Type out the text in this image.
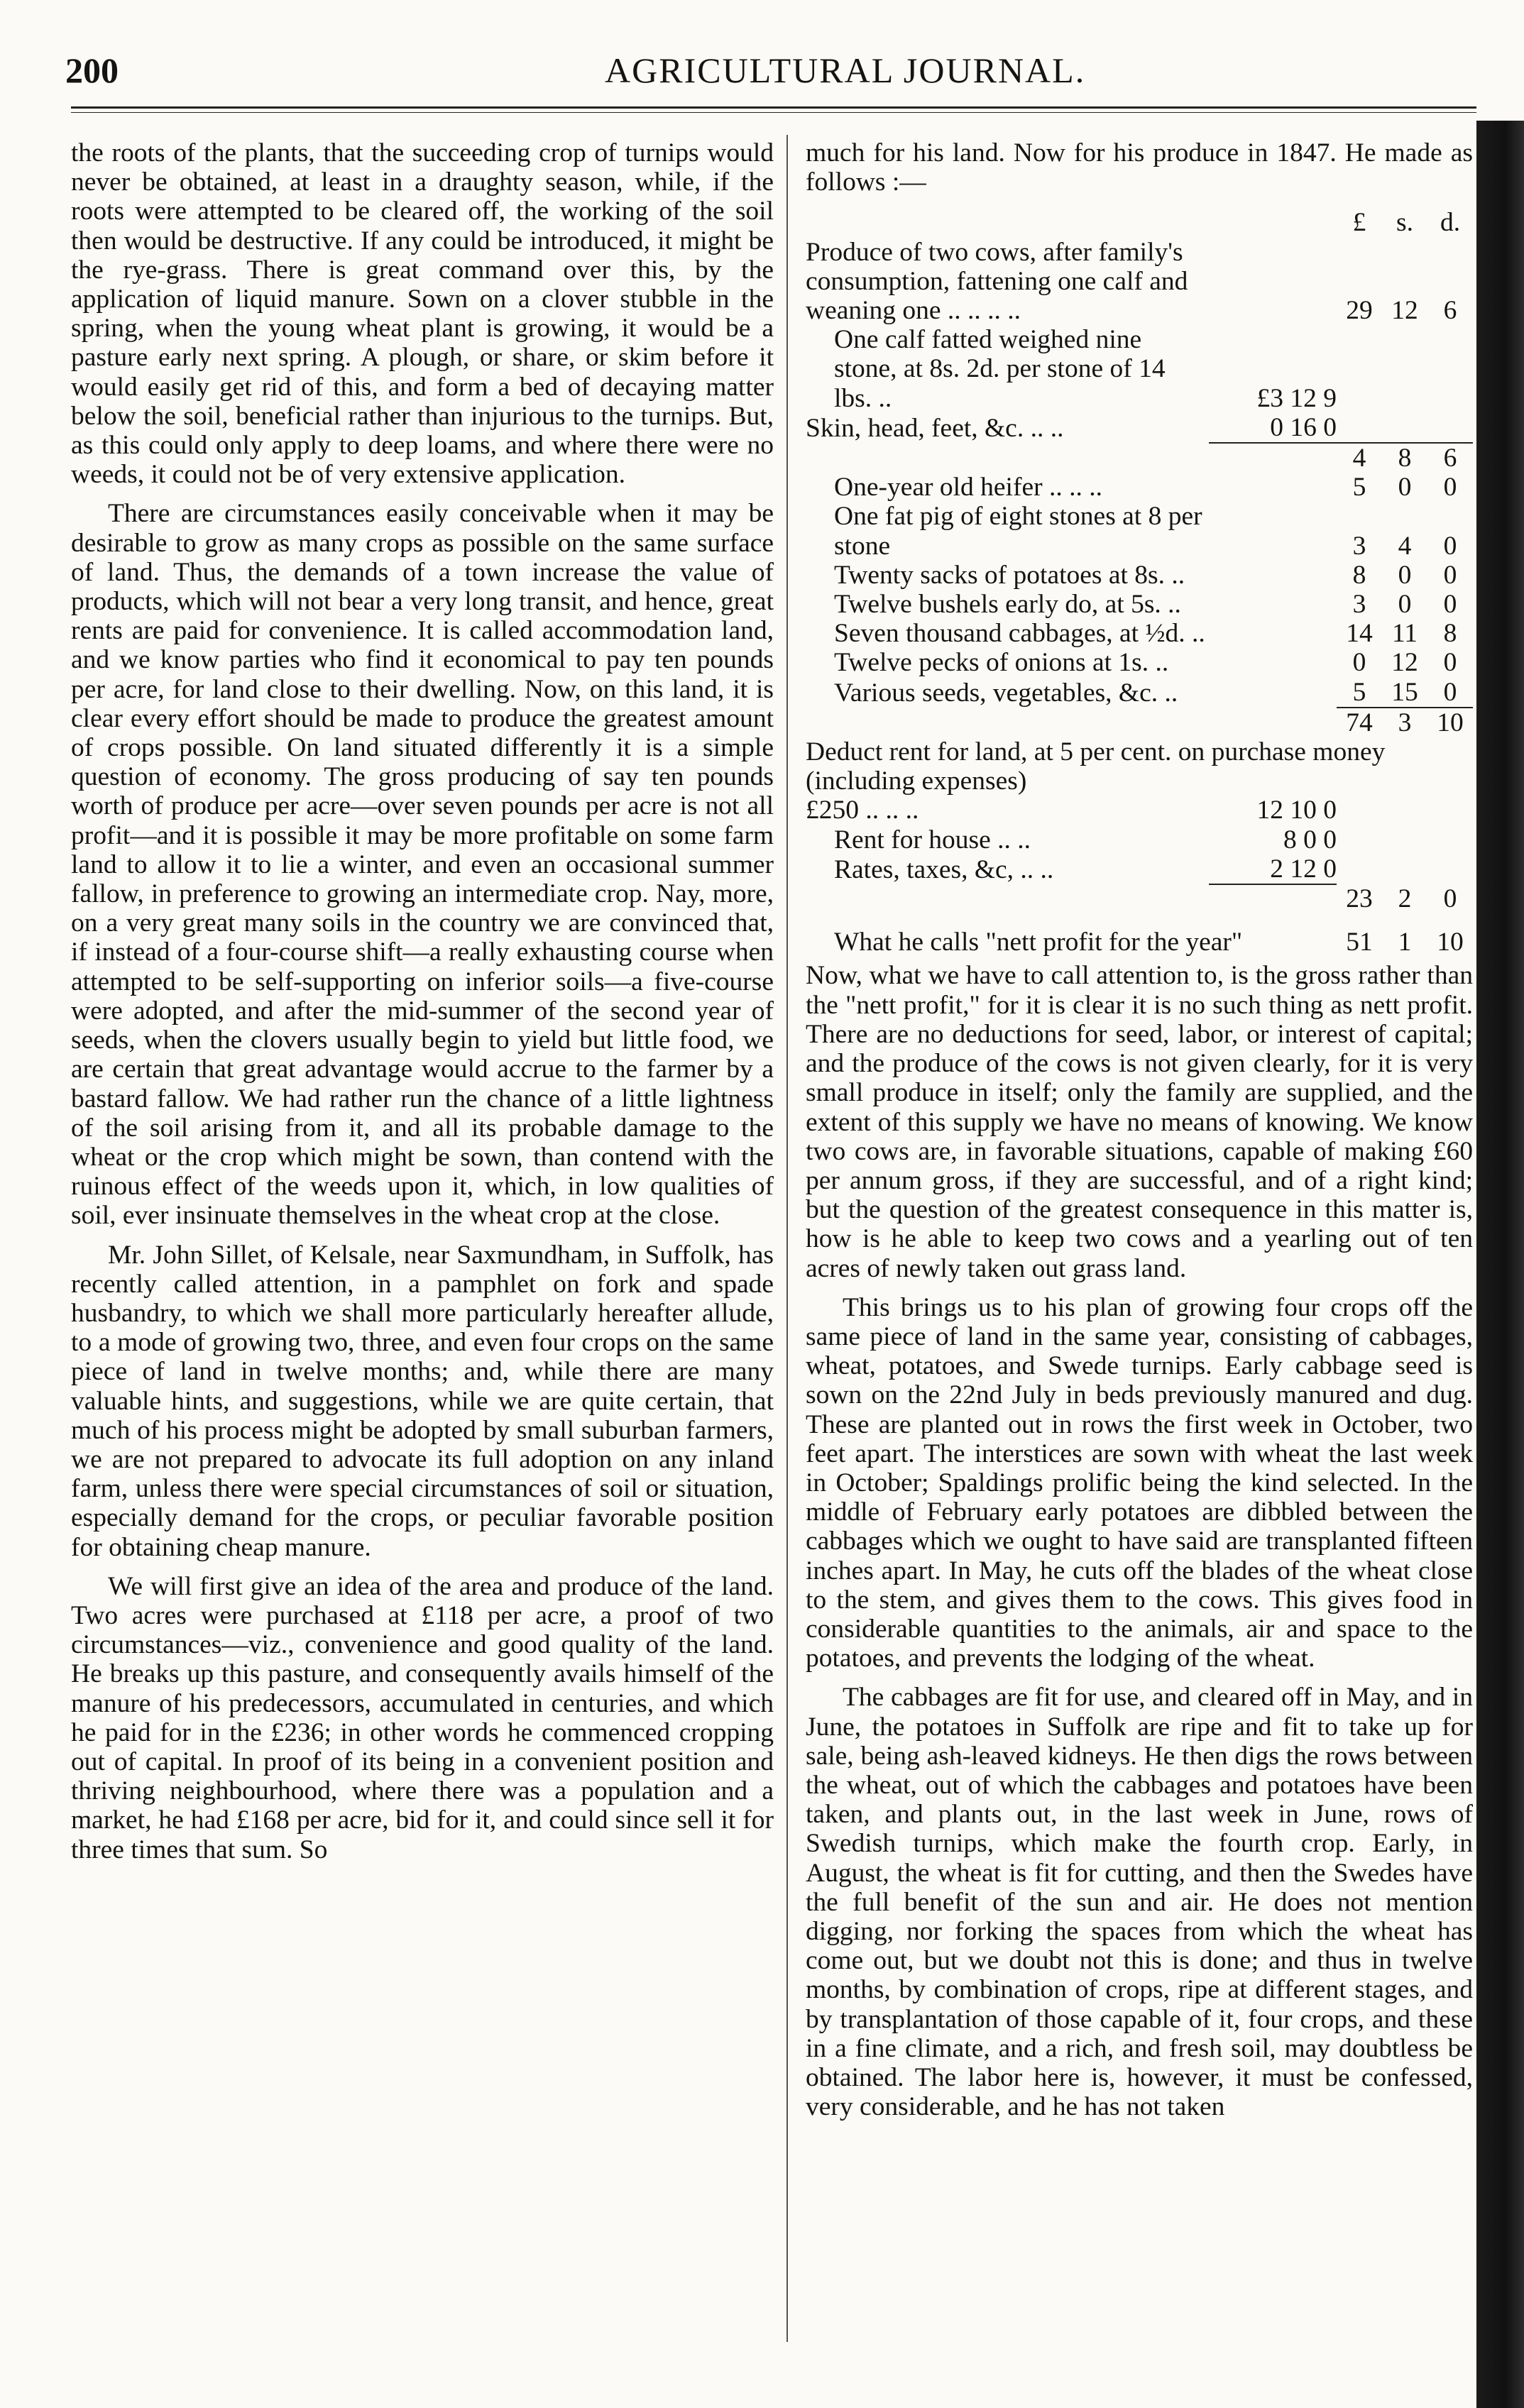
200	AGRICULTURAL JOURNAL.

the roots of the plants, that the succeeding crop of turnips would never be obtained, at least in a draughty season, while, if the roots were attempted to be cleared off, the working of the soil then would be destructive. If any could be introduced, it might be the rye-grass. There is great command over this, by the application of liquid manure. Sown on a clover stubble in the spring, when the young wheat plant is growing, it would be a pasture early next spring. A plough, or share, or skim before it would easily get rid of this, and form a bed of decaying matter below the soil, beneficial rather than injurious to the turnips. But, as this could only apply to deep loams, and where there were no weeds, it could not be of very extensive application.

There are circumstances easily conceivable when it may be desirable to grow as many crops as possible on the same surface of land. Thus, the demands of a town increase the value of products, which will not bear a very long transit, and hence, great rents are paid for convenience. It is called accommodation land, and we know parties who find it economical to pay ten pounds per acre, for land close to their dwelling. Now, on this land, it is clear every effort should be made to produce the greatest amount of crops possible. On land situated differently it is a simple question of economy. The gross producing of say ten pounds worth of produce per acre—over seven pounds per acre is not all profit—and it is possible it may be more profitable on some farm land to allow it to lie a winter, and even an occasional summer fallow, in preference to growing an intermediate crop. Nay, more, on a very great many soils in the country we are convinced that, if instead of a four-course shift—a really exhausting course when attempted to be self-supporting on inferior soils—a five-course were adopted, and after the mid-summer of the second year of seeds, when the clovers usually begin to yield but little food, we are certain that great advantage would accrue to the farmer by a bastard fallow. We had rather run the chance of a little lightness of the soil arising from it, and all its probable damage to the wheat or the crop which might be sown, than contend with the ruinous effect of the weeds upon it, which, in low qualities of soil, ever insinuate themselves in the wheat crop at the close.

Mr. John Sillet, of Kelsale, near Saxmundham, in Suffolk, has recently called attention, in a pamphlet on fork and spade husbandry, to which we shall more particularly hereafter allude, to a mode of growing two, three, and even four crops on the same piece of land in twelve months; and, while there are many valuable hints, and suggestions, while we are quite certain, that much of his process might be adopted by small suburban farmers, we are not prepared to advocate its full adoption on any inland farm, unless there were special circumstances of soil or situation, especially demand for the crops, or peculiar favorable position for obtaining cheap manure.

We will first give an idea of the area and produce of the land. Two acres were purchased at £118 per acre, a proof of two circumstances—viz., convenience and good quality of the land. He breaks up this pasture, and consequently avails himself of the manure of his predecessors, accumulated in centuries, and which he paid for in the £236; in other words he commenced cropping out of capital. In proof of its being in a convenient position and thriving neighbourhood, where there was a population and a market, he had £168 per acre, bid for it, and could since sell it for three times that sum. So

much for his land. Now for his produce in 1847. He made as follows :—

		£	s.	d.
Produce of two cows, after family's consumption, fattening one calf and weaning one .. .. .. ..		29	12	6
One calf fatted weighed nine stone, at 8s. 2d. per stone of 14 lbs. ..	£3 12 9			
Skin, head, feet, &c. .. ..	0 16 0			
		4	8	6
One-year old heifer .. .. ..		5	0	0
One fat pig of eight stones at 8 per stone		3	4	0
Twenty sacks of potatoes at 8s. ..		8	0	0
Twelve bushels early do, at 5s. ..		3	0	0
Seven thousand cabbages, at ½d. ..		14	11	8
Twelve pecks of onions at 1s. ..		0	12	0
Various seeds, vegetables, &c. ..		5	15	0
		74	3	10
Deduct rent for land, at 5 per cent. on purchase money (including expenses)				
£250 .. .. ..	12 10 0			
Rent for house .. ..	8 0 0			
Rates, taxes, &c, .. ..	2 12 0			
		23	2	0

What he calls "nett profit for the year"		51	1	10

Now, what we have to call attention to, is the gross rather than the "nett profit," for it is clear it is no such thing as nett profit. There are no deductions for seed, labor, or interest of capital; and the produce of the cows is not given clearly, for it is very small produce in itself; only the family are supplied, and the extent of this supply we have no means of knowing. We know two cows are, in favorable situations, capable of making £60 per annum gross, if they are successful, and of a right kind; but the question of the greatest consequence in this matter is, how is he able to keep two cows and a yearling out of ten acres of newly taken out grass land.

This brings us to his plan of growing four crops off the same piece of land in the same year, consisting of cabbages, wheat, potatoes, and Swede turnips. Early cabbage seed is sown on the 22nd July in beds previously manured and dug. These are planted out in rows the first week in October, two feet apart. The interstices are sown with wheat the last week in October; Spaldings prolific being the kind selected. In the middle of February early potatoes are dibbled between the cabbages which we ought to have said are transplanted fifteen inches apart. In May, he cuts off the blades of the wheat close to the stem, and gives them to the cows. This gives food in considerable quantities to the animals, air and space to the potatoes, and prevents the lodging of the wheat.

The cabbages are fit for use, and cleared off in May, and in June, the potatoes in Suffolk are ripe and fit to take up for sale, being ash-leaved kidneys. He then digs the rows between the wheat, out of which the cabbages and potatoes have been taken, and plants out, in the last week in June, rows of Swedish turnips, which make the fourth crop. Early, in August, the wheat is fit for cutting, and then the Swedes have the full benefit of the sun and air. He does not mention digging, nor forking the spaces from which the wheat has come out, but we doubt not this is done; and thus in twelve months, by combination of crops, ripe at different stages, and by transplantation of those capable of it, four crops, and these in a fine climate, and a rich, and fresh soil, may doubtless be obtained. The labor here is, however, it must be confessed, very considerable, and he has not taken
